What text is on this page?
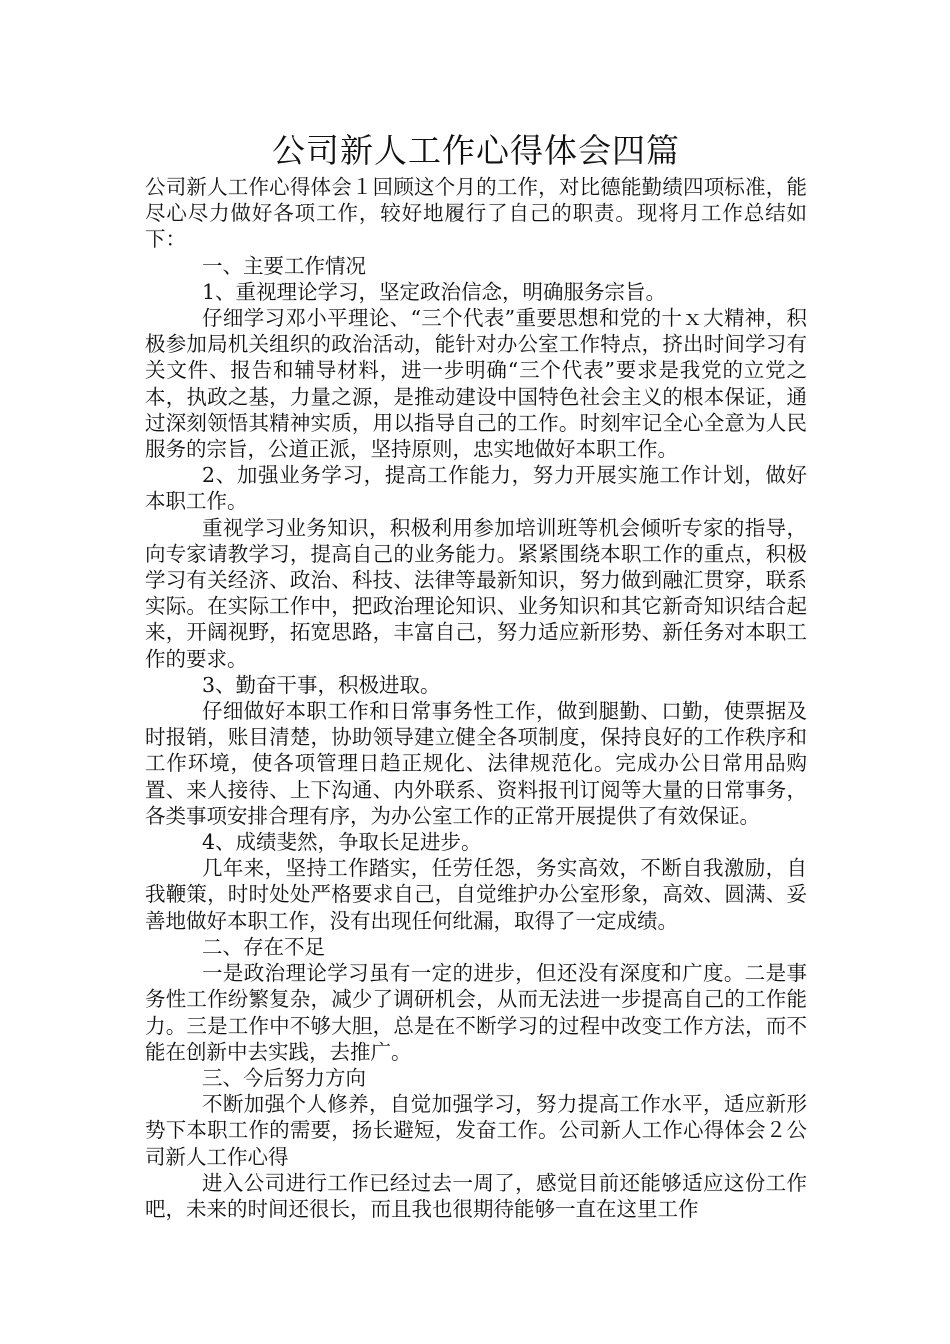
公司新人工作心得体会四篇

公司新人工作心得体会１回顾这个月的工作，对比德能勤绩四项标准，能尽心尽力做好各项工作，较好地履行了自己的职责。现将月工作总结如下：

一、主要工作情况

1、重视理论学习，坚定政治信念，明确服务宗旨。

仔细学习邓小平理论、“三个代表”重要思想和党的十ｘ大精神，积极参加局机关组织的政治活动，能针对办公室工作特点，挤出时间学习有关文件、报告和辅导材料，进一步明确“三个代表”要求是我党的立党之本，执政之基，力量之源，是推动建设中国特色社会主义的根本保证，通过深刻领悟其精神实质，用以指导自己的工作。时刻牢记全心全意为人民服务的宗旨，公道正派，坚持原则，忠实地做好本职工作。

2、加强业务学习，提高工作能力，努力开展实施工作计划，做好本职工作。

重视学习业务知识，积极利用参加培训班等机会倾听专家的指导，向专家请教学习，提高自己的业务能力。紧紧围绕本职工作的重点，积极学习有关经济、政治、科技、法律等最新知识，努力做到融汇贯穿，联系实际。在实际工作中，把政治理论知识、业务知识和其它新奇知识结合起来，开阔视野，拓宽思路，丰富自己，努力适应新形势、新任务对本职工作的要求。

3、勤奋干事，积极进取。

仔细做好本职工作和日常事务性工作，做到腿勤、口勤，使票据及时报销，账目清楚，协助领导建立健全各项制度，保持良好的工作秩序和工作环境，使各项管理日趋正规化、法律规范化。完成办公日常用品购置、来人接待、上下沟通、内外联系、资料报刊订阅等大量的日常事务，各类事项安排合理有序，为办公室工作的正常开展提供了有效保证。

4、成绩斐然，争取长足进步。

几年来，坚持工作踏实，任劳任怨，务实高效，不断自我激励，自我鞭策，时时处处严格要求自己，自觉维护办公室形象，高效、圆满、妥善地做好本职工作，没有出现任何纰漏，取得了一定成绩。

二、存在不足

一是政治理论学习虽有一定的进步，但还没有深度和广度。二是事务性工作纷繁复杂，减少了调研机会，从而无法进一步提高自己的工作能力。三是工作中不够大胆，总是在不断学习的过程中改变工作方法，而不能在创新中去实践，去推广。

三、今后努力方向

不断加强个人修养，自觉加强学习，努力提高工作水平，适应新形势下本职工作的需要，扬长避短，发奋工作。公司新人工作心得体会２公司新人工作心得

进入公司进行工作已经过去一周了，感觉目前还能够适应这份工作吧，未来的时间还很长，而且我也很期待能够一直在这里工作
